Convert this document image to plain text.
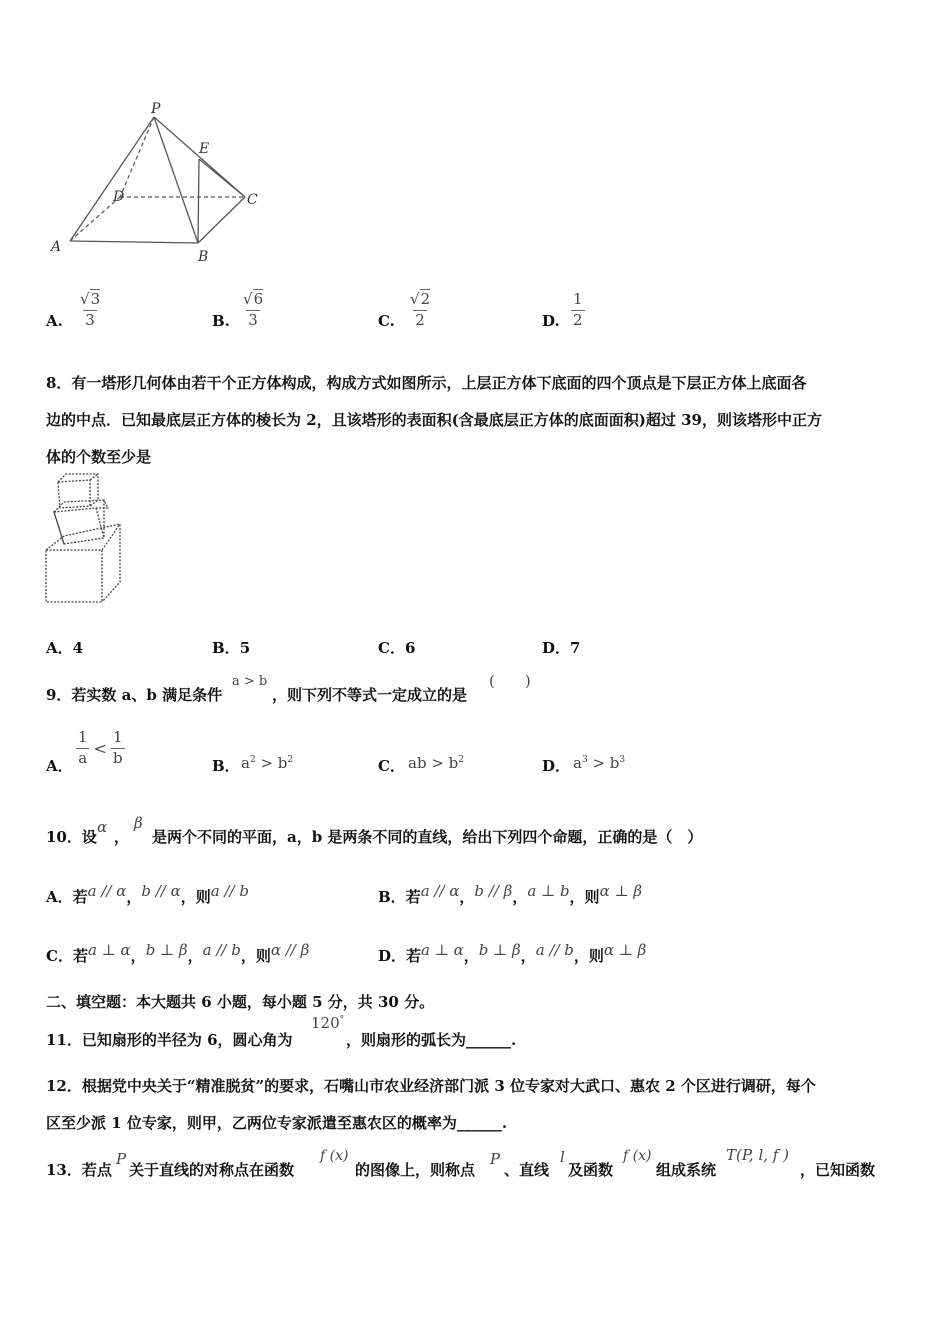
P
E
D	C
A
B
A. $\frac{√3}{3}$	B. $\frac{√6}{3}$	C. $\frac{√2}{2}$	D. $\frac{1}{2}$
8．有一塔形几何体由若干个正方体构成，构成方式如图所示，上层正方体下底面的四个顶点是下层正方体上底面各
边的中点．已知最底层正方体的棱长为 2，且该塔形的表面积(含最底层正方体的底面面积)超过 39，则该塔形中正方
体的个数至少是
A．4	B．5	C．6	D．7
9．若实数 a、b 满足条件
a > b
，则下列不等式一定成立的是
(　　)
A． $\frac{1}{a} < \frac{1}{b}$	B． $a^2 > b^2$	C． ab > $b^2$	D． $a^3 > b^3$
10．设
α
，
β
是两个不同的平面，a，b 是两条不同的直线，给出下列四个命题，正确的是（　）
A．若a // α，b // α，则a // b	B．若a // α，b // β，a ⊥ b，则α ⊥ β
C．若a ⊥ α，b ⊥ β，a // b，则α // β	D．若a ⊥ α，b ⊥ β，a // b，则α ⊥ β
二、填空题：本大题共 6 小题，每小题 5 分，共 30 分。
11．已知扇形的半径为 6，圆心角为
120°
，则扇形的弧长为______.
12．根据党中央关于“精准脱贫”的要求，石嘴山市农业经济部门派 3 位专家对大武口、惠农 2 个区进行调研，每个
区至少派 1 位专家，则甲，乙两位专家派遣至惠农区的概率为______.
13．若点
P
关于直线的对称点在函数
f (x)
的图像上，则称点
P
、直线
l
及函数
f (x)
组成系统
T(P, l, f )
，已知函数
